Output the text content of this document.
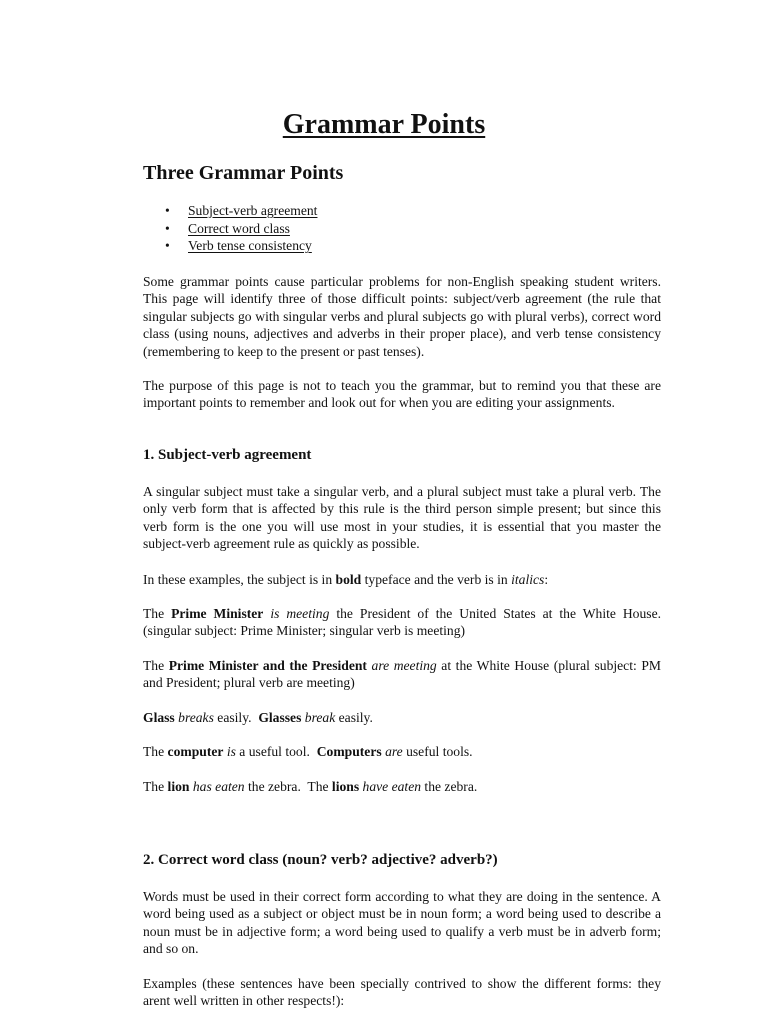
Grammar Points
Three Grammar Points
• Subject-verb agreement
• Correct word class
• Verb tense consistency

Some grammar points cause particular problems for non-English speaking student writers. This page will identify three of those difficult points: subject/verb agreement (the rule that singular subjects go with singular verbs and plural subjects go with plural verbs), correct word class (using nouns, adjectives and adverbs in their proper place), and verb tense consistency (remembering to keep to the present or past tenses).

The purpose of this page is not to teach you the grammar, but to remind you that these are important points to remember and look out for when you are editing your assignments.

1. Subject-verb agreement

A singular subject must take a singular verb, and a plural subject must take a plural verb. The only verb form that is affected by this rule is the third person simple present; but since this verb form is the one you will use most in your studies, it is essential that you master the subject-verb agreement rule as quickly as possible.

In these examples, the subject is in bold typeface and the verb is in italics:

The Prime Minister is meeting the President of the United States at the White House. (singular subject: Prime Minister; singular verb is meeting)

The Prime Minister and the President are meeting at the White House (plural subject: PM and President; plural verb are meeting)

Glass breaks easily.  Glasses break easily.

The computer is a useful tool.  Computers are useful tools.

The lion has eaten the zebra.  The lions have eaten the zebra.

2. Correct word class (noun? verb? adjective? adverb?)

Words must be used in their correct form according to what they are doing in the sentence. A word being used as a subject or object must be in noun form; a word being used to describe a noun must be in adjective form; a word being used to qualify a verb must be in adverb form; and so on.

Examples (these sentences have been specially contrived to show the different forms: they arent well written in other respects!):
